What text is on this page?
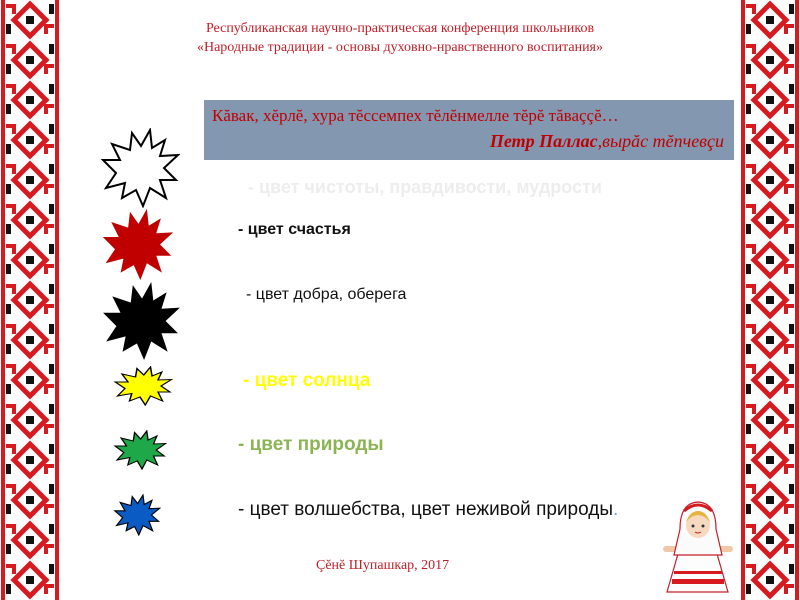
Республиканская научно-практическая конференция школьников
«Народные традиции - основы духовно-нравственного воспитания»
Кăвак, хĕрлĕ, хура тĕссемпех тĕлĕнмелле тĕрĕ тăваççĕ…
Петр Паллас,вырăс тĕпчевçи
- цвет чистоты, правдивости, мудрости
- цвет счастья
- цвет добра, оберега
- цвет солнца
- цвет природы
- цвет волшебства, цвет неживой природы.
Çĕнĕ Шупашкар, 2017
